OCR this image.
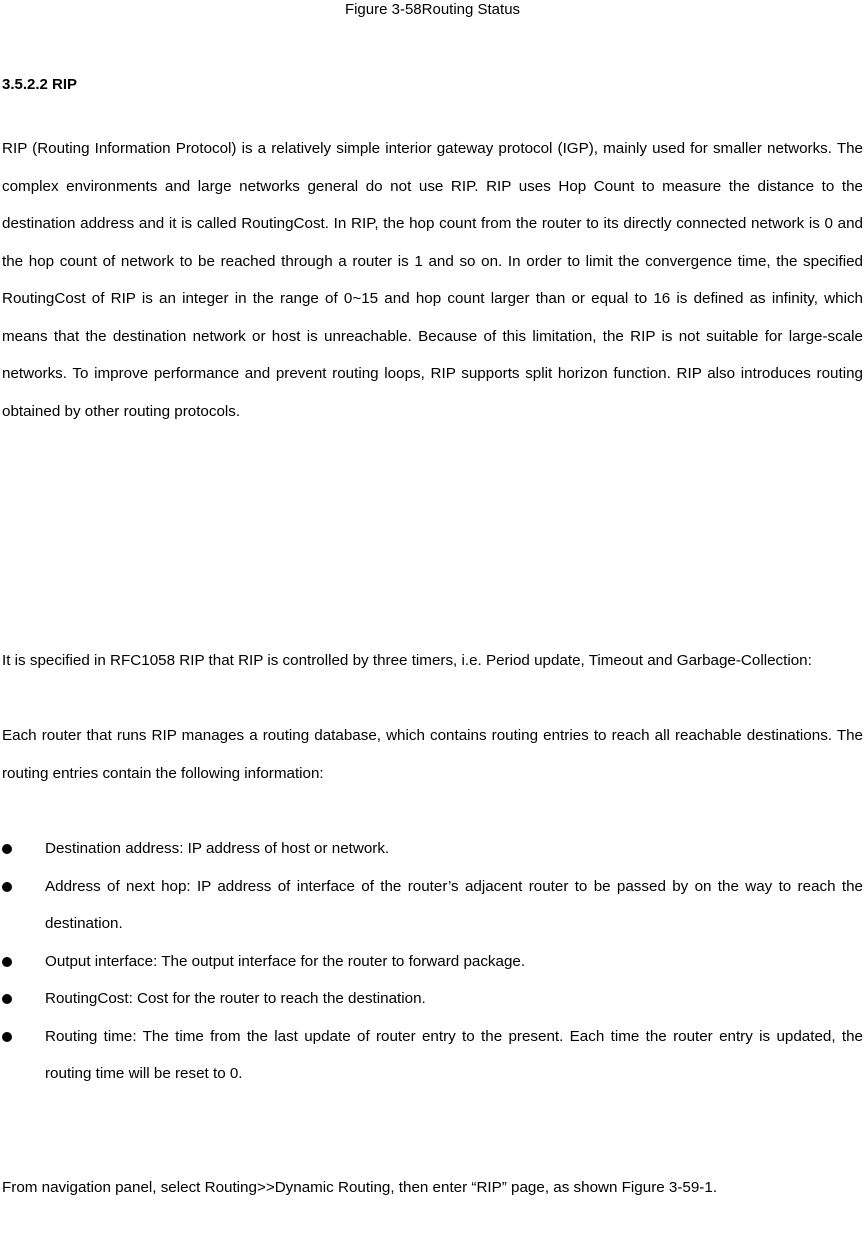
Figure 3-58Routing Status
3.5.2.2 RIP

RIP (Routing Information Protocol) is a relatively simple interior gateway protocol (IGP), mainly used for smaller networks. The complex environments and large networks general do not use RIP. RIP uses Hop Count to measure the distance to the destination address and it is called RoutingCost. In RIP, the hop count from the router to its directly connected network is 0 and the hop count of network to be reached through a router is 1 and so on. In order to limit the convergence time, the specified RoutingCost of RIP is an integer in the range of 0~15 and hop count larger than or equal to 16 is defined as infinity, which means that the destination network or host is unreachable. Because of this limitation, the RIP is not suitable for large-scale networks. To improve performance and prevent routing loops, RIP supports split horizon function. RIP also introduces routing obtained by other routing protocols.

It is specified in RFC1058 RIP that RIP is controlled by three timers, i.e. Period update, Timeout and Garbage-Collection:

Each router that runs RIP manages a routing database, which contains routing entries to reach all reachable destinations. The routing entries contain the following information:

Destination address: IP address of host or network.
Address of next hop: IP address of interface of the router’s adjacent router to be passed by on the way to reach the destination.
Output interface: The output interface for the router to forward package.
RoutingCost: Cost for the router to reach the destination.
Routing time: The time from the last update of router entry to the present. Each time the router entry is updated, the routing time will be reset to 0.

From navigation panel, select Routing>>Dynamic Routing, then enter “RIP” page, as shown Figure 3-59-1.
